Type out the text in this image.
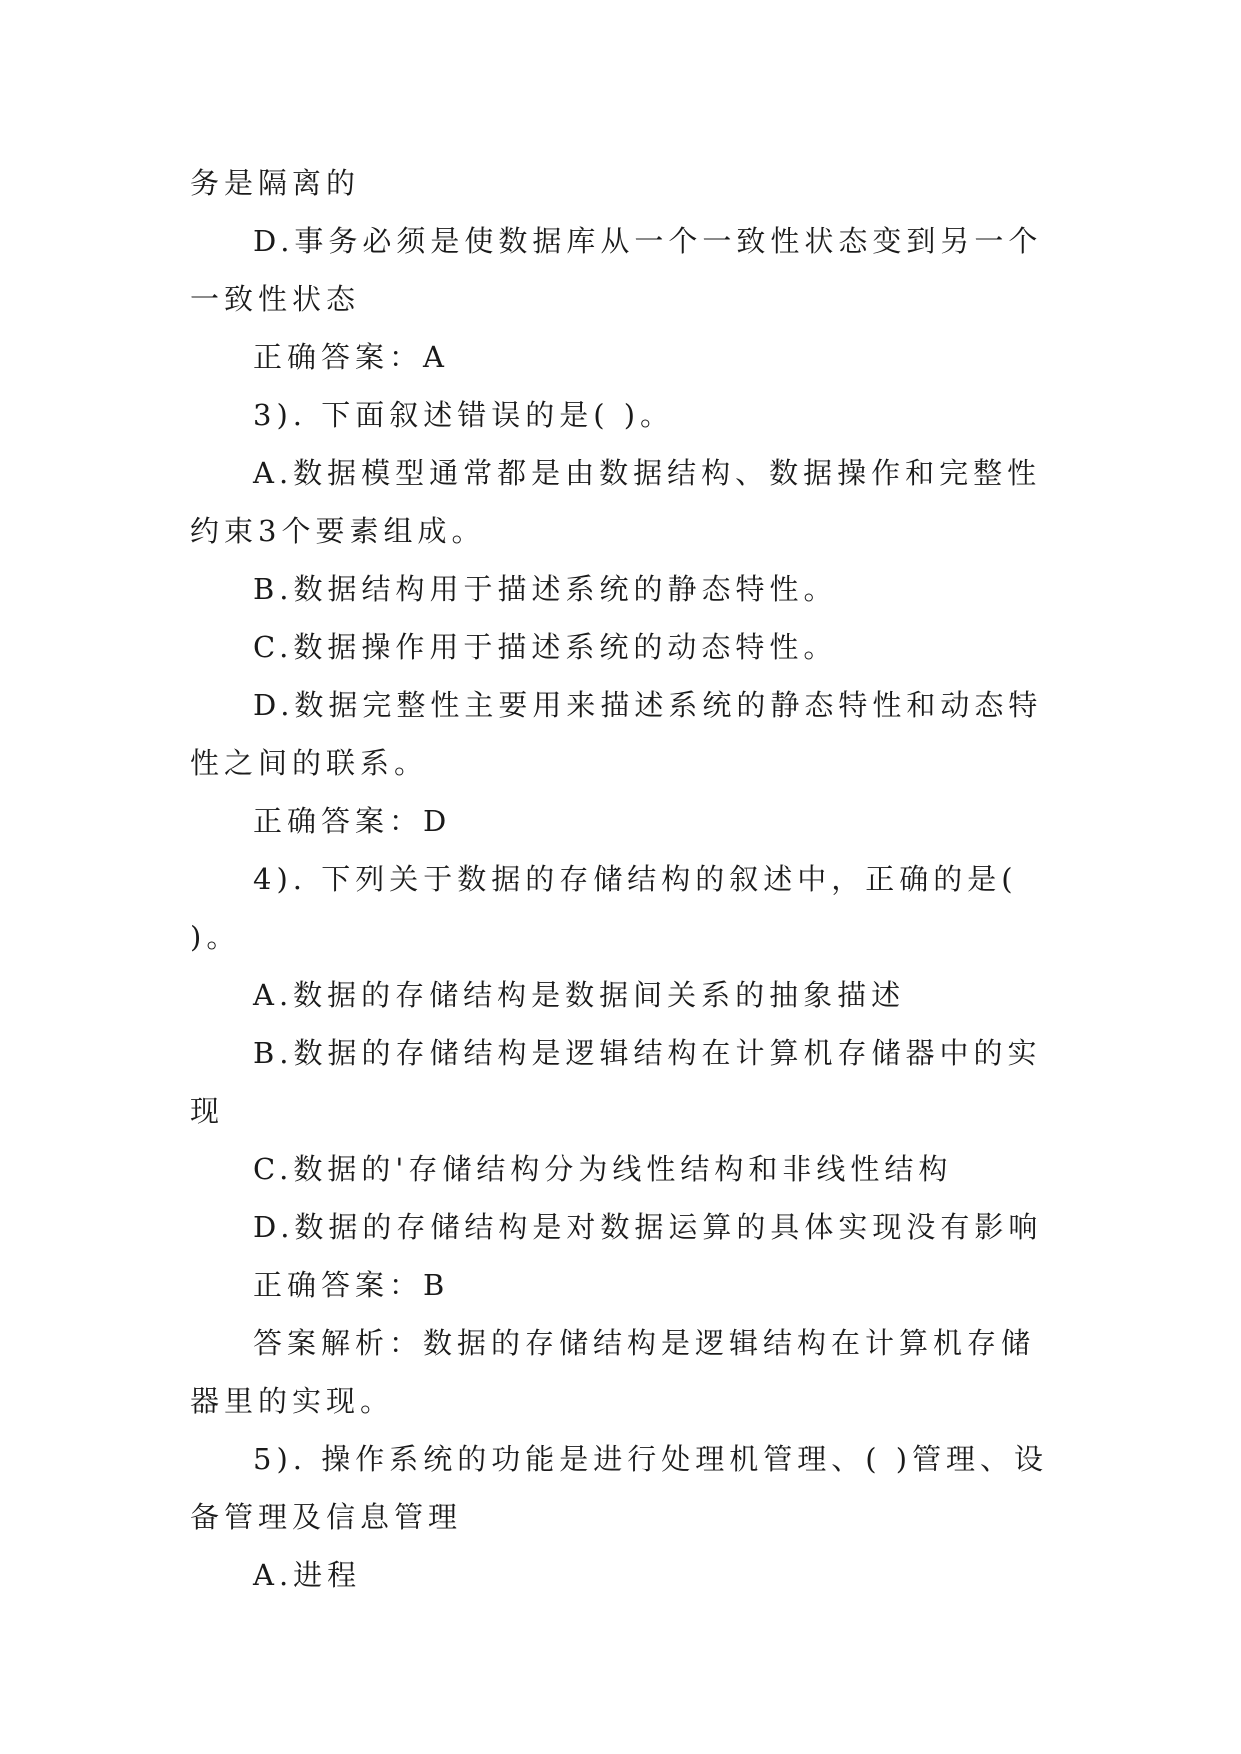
务是隔离的

D.事务必须是使数据库从一个一致性状态变到另一个一致性状态

正确答案：A

3). 下面叙述错误的是( )。

A.数据模型通常都是由数据结构、数据操作和完整性约束3个要素组成。

B.数据结构用于描述系统的静态特性。

C.数据操作用于描述系统的动态特性。

D.数据完整性主要用来描述系统的静态特性和动态特性之间的联系。

正确答案：D

4). 下列关于数据的存储结构的叙述中，正确的是( )。

A.数据的存储结构是数据间关系的抽象描述

B.数据的存储结构是逻辑结构在计算机存储器中的实现

C.数据的'存储结构分为线性结构和非线性结构

D.数据的存储结构是对数据运算的具体实现没有影响

正确答案：B

答案解析：数据的存储结构是逻辑结构在计算机存储器里的实现。

5). 操作系统的功能是进行处理机管理、( )管理、设备管理及信息管理

A.进程
